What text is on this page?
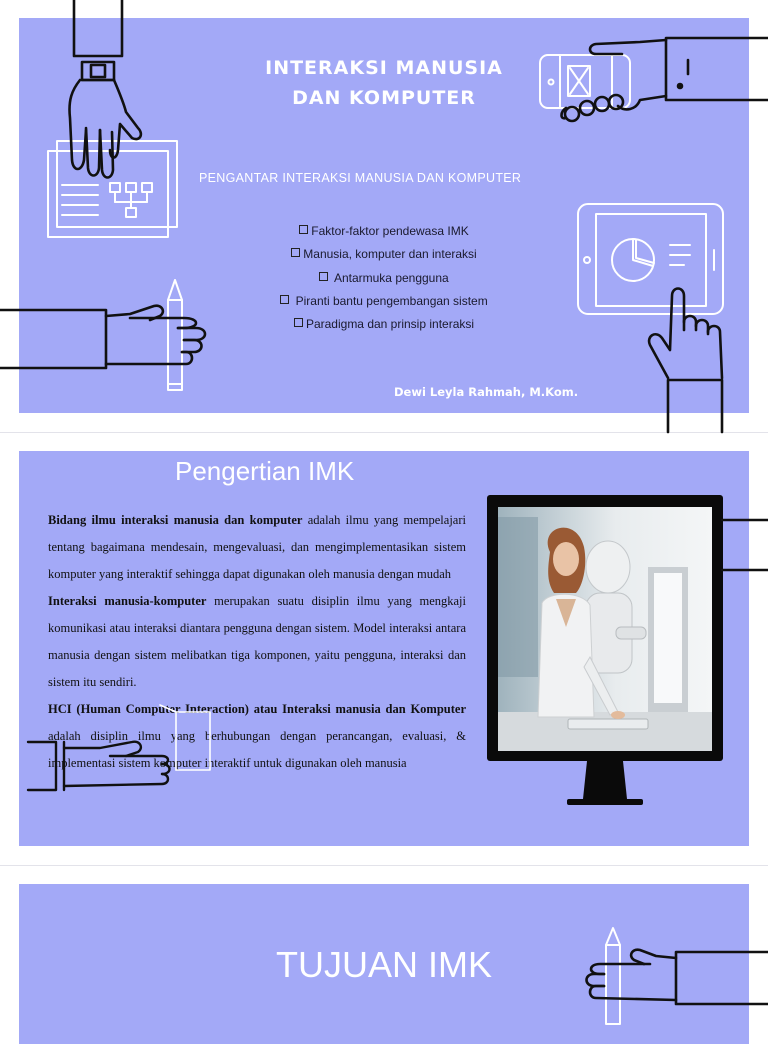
INTERAKSI MANUSIA
DAN KOMPUTER
PENGANTAR INTERAKSI MANUSIA DAN KOMPUTER
Faktor-faktor pendewasa IMK
Manusia, komputer dan interaksi
Antarmuka pengguna
Piranti bantu pengembangan sistem
Paradigma dan prinsip interaksi
Dewi Leyla Rahmah, M.Kom.
Pengertian IMK

Bidang ilmu interaksi manusia dan komputer adalah ilmu yang mempelajari tentang bagaimana mendesain, mengevaluasi, dan mengimplementasikan sistem komputer yang interaktif sehingga dapat digunakan oleh manusia dengan mudah

Interaksi manusia-komputer merupakan suatu disiplin ilmu yang mengkaji komunikasi atau interaksi diantara pengguna dengan sistem. Model interaksi antara manusia dengan sistem melibatkan tiga komponen, yaitu pengguna, interaksi dan sistem itu sendiri.

HCI (Human Computer Interaction) atau Interaksi manusia dan Komputer adalah disiplin ilmu yang berhubungan dengan perancangan, evaluasi, & implementasi sistem komputer interaktif untuk digunakan oleh manusia

TUJUAN IMK
